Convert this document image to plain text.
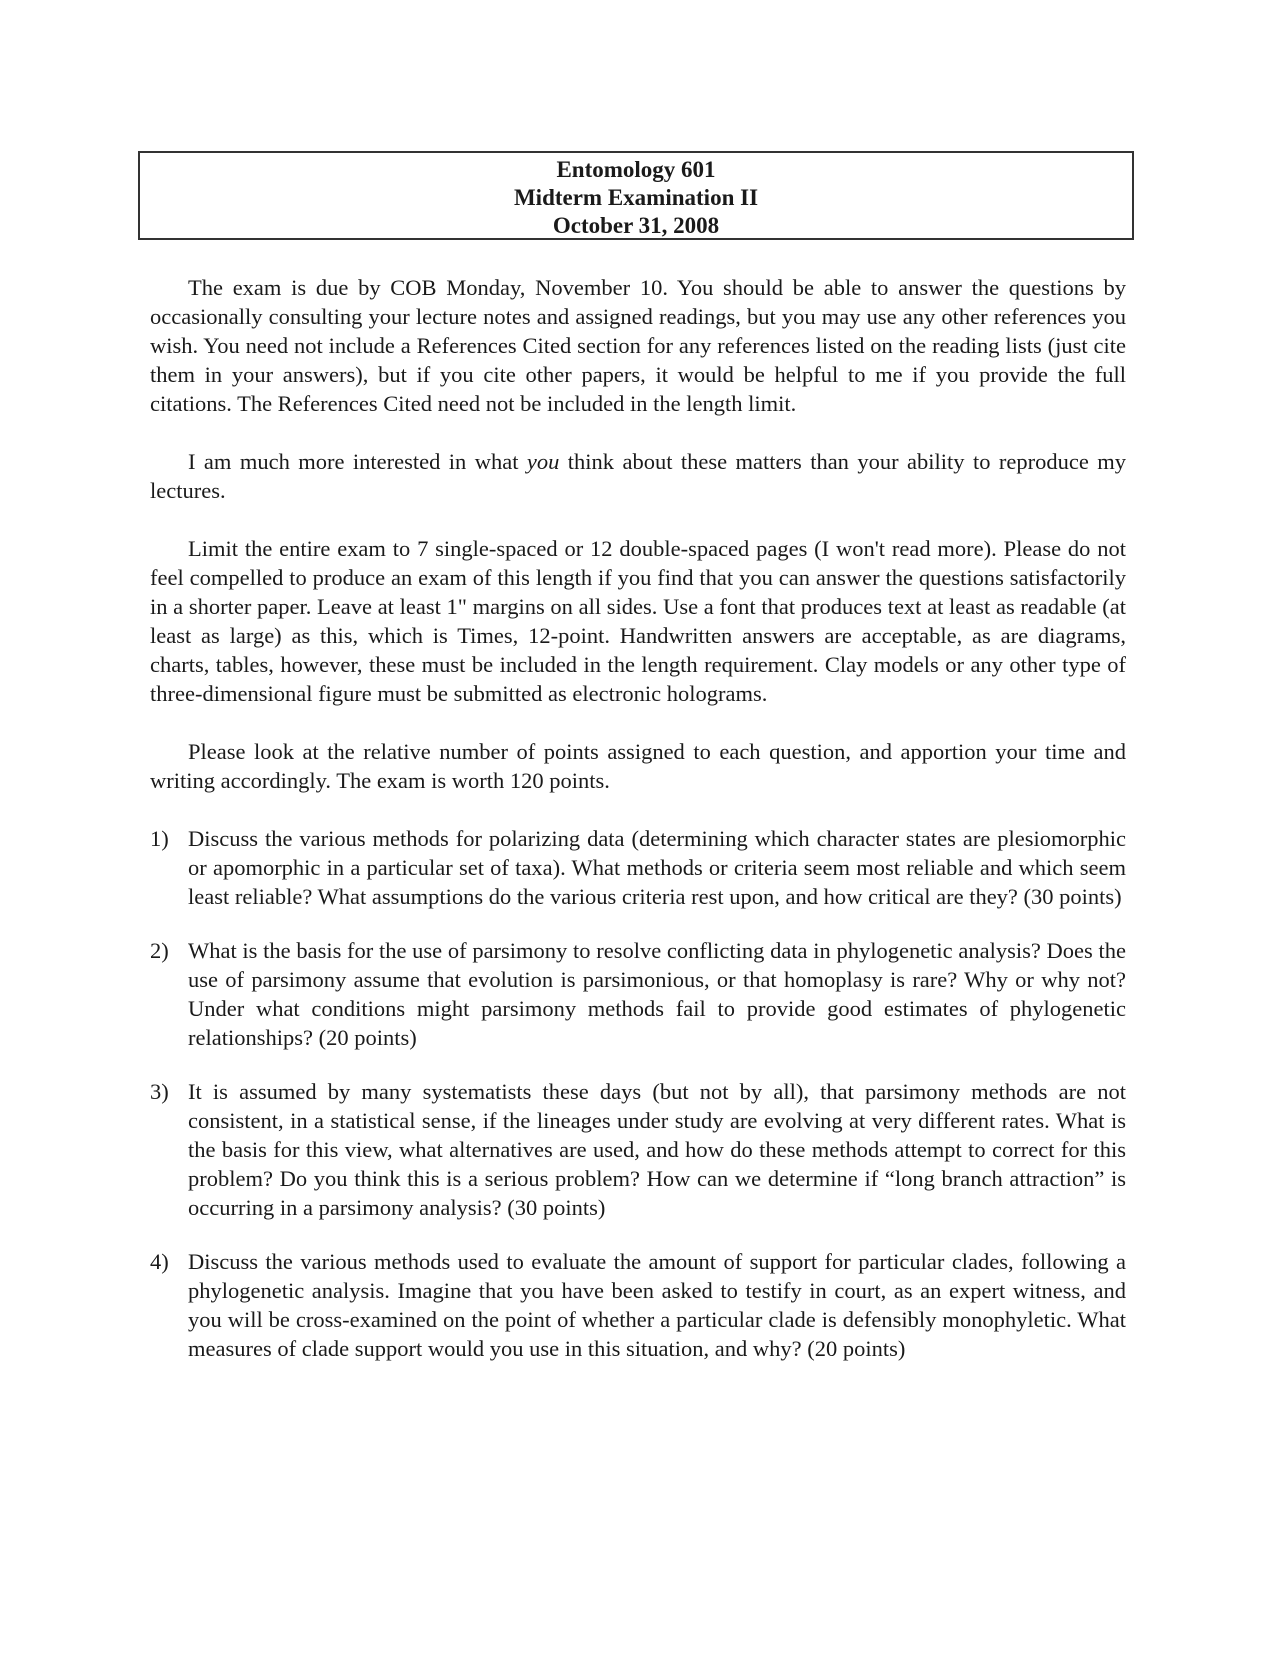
Entomology 601
Midterm Examination II
October 31, 2008

The exam is due by COB Monday, November 10. You should be able to answer the questions by occasionally consulting your lecture notes and assigned readings, but you may use any other references you wish. You need not include a References Cited section for any references listed on the reading lists (just cite them in your answers), but if you cite other papers, it would be helpful to me if you provide the full citations. The References Cited need not be included in the length limit.

I am much more interested in what you think about these matters than your ability to reproduce my lectures.

Limit the entire exam to 7 single-spaced or 12 double-spaced pages (I won't read more). Please do not feel compelled to produce an exam of this length if you find that you can answer the questions satisfactorily in a shorter paper. Leave at least 1" margins on all sides. Use a font that produces text at least as readable (at least as large) as this, which is Times, 12-point. Handwritten answers are acceptable, as are diagrams, charts, tables, however, these must be included in the length requirement. Clay models or any other type of three-dimensional figure must be submitted as electronic holograms.

Please look at the relative number of points assigned to each question, and apportion your time and writing accordingly. The exam is worth 120 points.

1) Discuss the various methods for polarizing data (determining which character states are plesiomorphic or apomorphic in a particular set of taxa). What methods or criteria seem most reliable and which seem least reliable? What assumptions do the various criteria rest upon, and how critical are they? (30 points)
2) What is the basis for the use of parsimony to resolve conflicting data in phylogenetic analysis? Does the use of parsimony assume that evolution is parsimonious, or that homoplasy is rare? Why or why not? Under what conditions might parsimony methods fail to provide good estimates of phylogenetic relationships? (20 points)
3) It is assumed by many systematists these days (but not by all), that parsimony methods are not consistent, in a statistical sense, if the lineages under study are evolving at very different rates. What is the basis for this view, what alternatives are used, and how do these methods attempt to correct for this problem? Do you think this is a serious problem? How can we determine if “long branch attraction” is occurring in a parsimony analysis? (30 points)
4) Discuss the various methods used to evaluate the amount of support for particular clades, following a phylogenetic analysis. Imagine that you have been asked to testify in court, as an expert witness, and you will be cross-examined on the point of whether a particular clade is defensibly monophyletic. What measures of clade support would you use in this situation, and why? (20 points)
